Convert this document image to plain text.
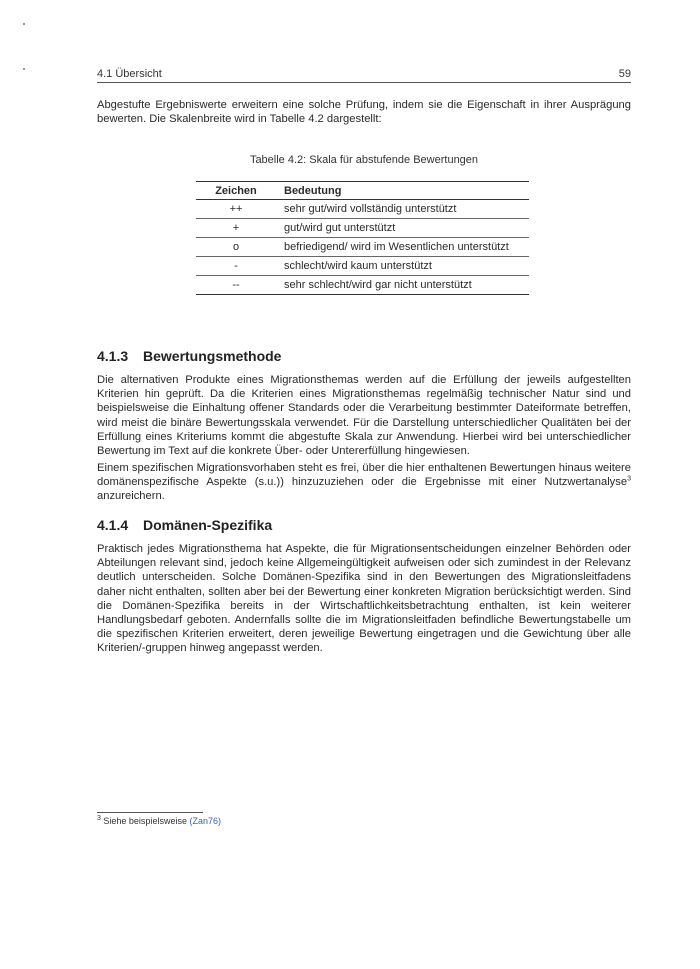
4.1 Übersicht	59

Abgestufte Ergebniswerte erweitern eine solche Prüfung, indem sie die Eigenschaft in ihrer Ausprägung bewerten. Die Skalenbreite wird in Tabelle 4.2 dargestellt:

Tabelle 4.2: Skala für abstufende Bewertungen
Zeichen	Bedeutung
++	sehr gut/wird vollständig unterstützt
+	gut/wird gut unterstützt
o	befriedigend/ wird im Wesentlichen unterstützt
-	schlecht/wird kaum unterstützt
--	sehr schlecht/wird gar nicht unterstützt
4.1.3 Bewertungsmethode

Die alternativen Produkte eines Migrationsthemas werden auf die Erfüllung der jeweils aufgestellten Kriterien hin geprüft. Da die Kriterien eines Migrationsthemas regelmäßig technischer Natur sind und beispielsweise die Einhaltung offener Standards oder die Verarbeitung bestimmter Dateiformate betreffen, wird meist die binäre Bewertungsskala verwendet. Für die Darstellung unterschiedlicher Qualitäten bei der Erfüllung eines Kriteriums kommt die abgestufte Skala zur Anwendung. Hierbei wird bei unterschiedlicher Bewertung im Text auf die konkrete Über- oder Untererfüllung hingewiesen.

Einem spezifischen Migrationsvorhaben steht es frei, über die hier enthaltenen Bewertungen hinaus weitere domänenspezifische Aspekte (s.u.)) hinzuzuziehen oder die Ergebnisse mit einer Nutzwertanalyse$^3$ anzureichern.

4.1.4 Domänen-Spezifika

Praktisch jedes Migrationsthema hat Aspekte, die für Migrationsentscheidungen einzelner Behörden oder Abteilungen relevant sind, jedoch keine Allgemeingültigkeit aufweisen oder sich zumindest in der Relevanz deutlich unterscheiden. Solche Domänen-Spezifika sind in den Bewertungen des Migrationsleitfadens daher nicht enthalten, sollten aber bei der Bewertung einer konkreten Migration berücksichtigt werden. Sind die Domänen-Spezifika bereits in der Wirtschaftlichkeitsbetrachtung enthalten, ist kein weiterer Handlungsbedarf geboten. Andernfalls sollte die im Migrationsleitfaden befindliche Bewertungstabelle um die spezifischen Kriterien erweitert, deren jeweilige Bewertung eingetragen und die Gewichtung über alle Kriterien/-gruppen hinweg angepasst werden.

$^3$ Siehe beispielsweise (Zan76)
